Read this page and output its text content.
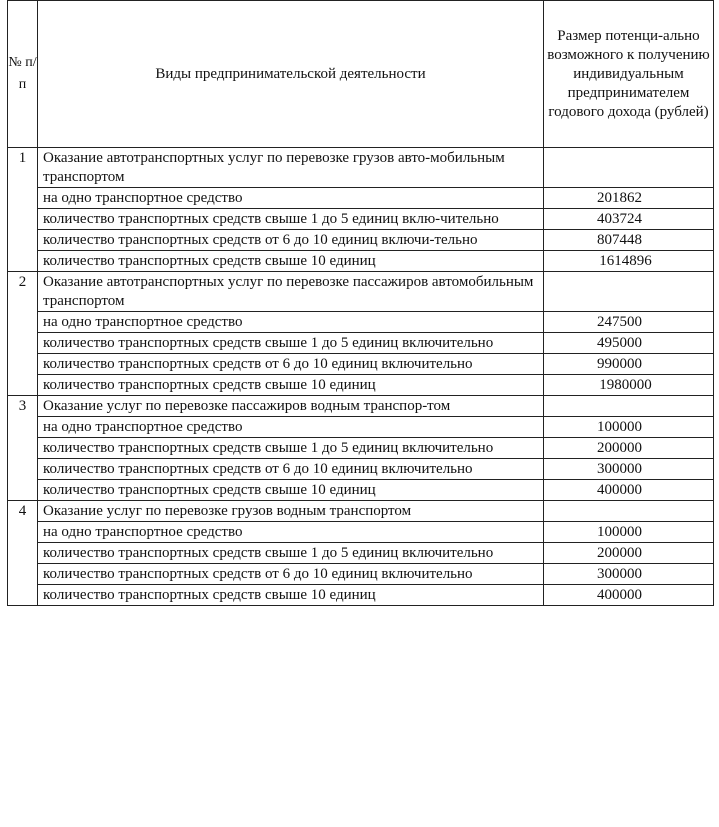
№ п/ п	Виды предпринимательской деятельности	Размер потенци-ально возможного к получению индивидуальным предпринимателем годового дохода (рублей)
1	Оказание автотранспортных услуг по перевозке грузов авто-мобильным транспортом	
	на одно транспортное средство	201862
	количество транспортных средств свыше 1 до 5 единиц вклю-чительно	403724
	количество транспортных средств от 6 до 10 единиц включи-тельно	807448
	количество транспортных средств свыше 10 единиц	1614896
2	Оказание автотранспортных услуг по перевозке пассажиров автомобильным транспортом	
	на одно транспортное средство	247500
	количество транспортных средств свыше 1 до 5 единиц включительно	495000
	количество транспортных средств от 6 до 10 единиц включительно	990000
	количество транспортных средств свыше 10 единиц	1980000
3	Оказание услуг по перевозке пассажиров водным транспор-том	
	на одно транспортное средство	100000
	количество транспортных средств свыше 1 до 5 единиц включительно	200000
	количество транспортных средств от 6 до 10 единиц включительно	300000
	количество транспортных средств свыше 10 единиц	400000
4	Оказание услуг по перевозке грузов водным транспортом	
	на одно транспортное средство	100000
	количество транспортных средств свыше 1 до 5 единиц включительно	200000
	количество транспортных средств от 6 до 10 единиц включительно	300000
	количество транспортных средств свыше 10 единиц	400000
